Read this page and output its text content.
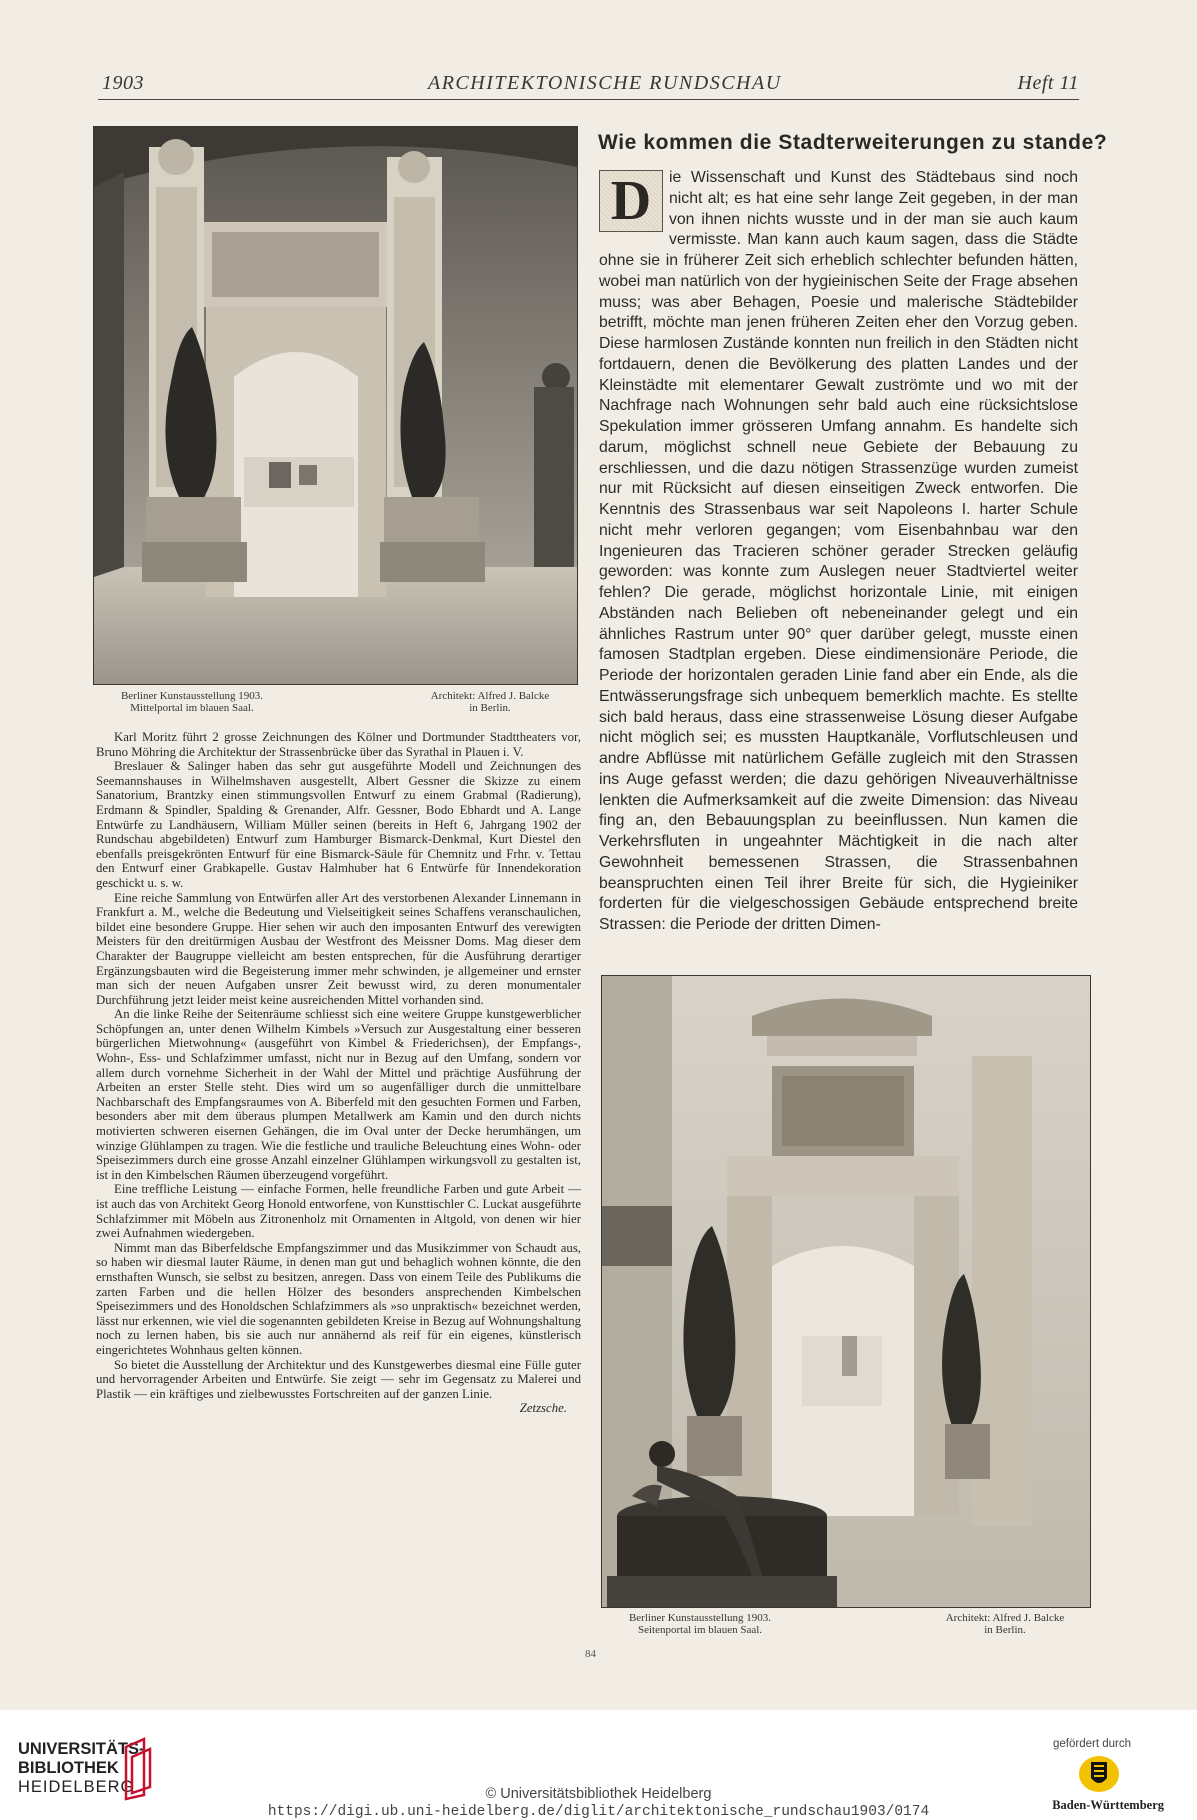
1903	ARCHITEKTONISCHE RUNDSCHAU	Heft 11
Berliner Kunstausstellung 1903.
Mittelportal im blauen Saal.
Architekt: Alfred J. Balcke
in Berlin.

Karl Moritz führt 2 grosse Zeichnungen des Kölner und Dortmunder Stadttheaters vor, Bruno Möhring die Architektur der Strassenbrücke über das Syrathal in Plauen i. V.

Breslauer & Salinger haben das sehr gut ausgeführte Modell und Zeichnungen des Seemannshauses in Wilhelmshaven ausgestellt, Albert Gessner die Skizze zu einem Sanatorium, Brantzky einen stimmungsvollen Entwurf zu einem Grabmal (Radierung), Erdmann & Spindler, Spalding & Grenander, Alfr. Gessner, Bodo Ebhardt und A. Lange Entwürfe zu Landhäusern, William Müller seinen (bereits in Heft 6, Jahrgang 1902 der Rundschau abgebildeten) Entwurf zum Hamburger Bismarck-Denkmal, Kurt Diestel den ebenfalls preisgekrönten Entwurf für eine Bismarck-Säule für Chemnitz und Frhr. v. Tettau den Entwurf einer Grabkapelle. Gustav Halmhuber hat 6 Entwürfe für Innendekoration geschickt u. s. w.

Eine reiche Sammlung von Entwürfen aller Art des verstorbenen Alexander Linnemann in Frankfurt a. M., welche die Bedeutung und Vielseitigkeit seines Schaffens veranschaulichen, bildet eine besondere Gruppe. Hier sehen wir auch den imposanten Entwurf des verewigten Meisters für den dreitürmigen Ausbau der Westfront des Meissner Doms. Mag dieser dem Charakter der Baugruppe vielleicht am besten entsprechen, für die Ausführung derartiger Ergänzungsbauten wird die Begeisterung immer mehr schwinden, je allgemeiner und ernster man sich der neuen Aufgaben unsrer Zeit bewusst wird, zu deren monumentaler Durchführung jetzt leider meist keine ausreichenden Mittel vorhanden sind.

An die linke Reihe der Seitenräume schliesst sich eine weitere Gruppe kunstgewerblicher Schöpfungen an, unter denen Wilhelm Kimbels »Versuch zur Ausgestaltung einer besseren bürgerlichen Mietwohnung« (ausgeführt von Kimbel & Friederichsen), der Empfangs-, Wohn-, Ess- und Schlafzimmer umfasst, nicht nur in Bezug auf den Umfang, sondern vor allem durch vornehme Sicherheit in der Wahl der Mittel und prächtige Ausführung der Arbeiten an erster Stelle steht. Dies wird um so augenfälliger durch die unmittelbare Nachbarschaft des Empfangsraumes von A. Biberfeld mit den gesuchten Formen und Farben, besonders aber mit dem überaus plumpen Metallwerk am Kamin und den durch nichts motivierten schweren eisernen Gehängen, die im Oval unter der Decke herumhängen, um winzige Glühlampen zu tragen. Wie die festliche und trauliche Beleuchtung eines Wohn- oder Speisezimmers durch eine grosse Anzahl einzelner Glühlampen wirkungsvoll zu gestalten ist, ist in den Kimbelschen Räumen überzeugend vorgeführt.

Eine treffliche Leistung — einfache Formen, helle freundliche Farben und gute Arbeit — ist auch das von Architekt Georg Honold entworfene, von Kunsttischler C. Luckat ausgeführte Schlafzimmer mit Möbeln aus Zitronenholz mit Ornamenten in Altgold, von denen wir hier zwei Aufnahmen wiedergeben.

Nimmt man das Biberfeldsche Empfangszimmer und das Musikzimmer von Schaudt aus, so haben wir diesmal lauter Räume, in denen man gut und behaglich wohnen könnte, die den ernsthaften Wunsch, sie selbst zu besitzen, anregen. Dass von einem Teile des Publikums die zarten Farben und die hellen Hölzer des besonders ansprechenden Kimbelschen Speisezimmers und des Honoldschen Schlafzimmers als »so unpraktisch« bezeichnet werden, lässt nur erkennen, wie viel die sogenannten gebildeten Kreise in Bezug auf Wohnungshaltung noch zu lernen haben, bis sie auch nur annähernd als reif für ein eigenes, künstlerisch eingerichtetes Wohnhaus gelten können.

So bietet die Ausstellung der Architektur und des Kunstgewerbes diesmal eine Fülle guter und hervorragender Arbeiten und Entwürfe. Sie zeigt — sehr im Gegensatz zu Malerei und Plastik — ein kräftiges und zielbewusstes Fortschreiten auf der ganzen Linie.

Zetzsche.

Wie kommen die Stadterweiterungen zu stande?
D	ie Wissenschaft und Kunst des Städtebaus sind noch nicht alt; es hat eine sehr lange Zeit gegeben, in der man von ihnen nichts wusste und in der man sie auch kaum vermisste. Man kann auch kaum sagen, dass die Städte ohne sie in früherer Zeit sich erheblich schlechter befunden hätten, wobei man natürlich von der hygieinischen Seite der Frage absehen muss; was aber Behagen, Poesie und malerische Städtebilder betrifft, möchte man jenen früheren Zeiten eher den Vorzug geben. Diese harmlosen Zustände konnten nun freilich in den Städten nicht fortdauern, denen die Bevölkerung des platten Landes und der Kleinstädte mit elementarer Gewalt zuströmte und wo mit der Nachfrage nach Wohnungen sehr bald auch eine rücksichtslose Spekulation immer grösseren Umfang annahm. Es handelte sich darum, möglichst schnell neue Gebiete der Bebauung zu erschliessen, und die dazu nötigen Strassenzüge wurden zumeist nur mit Rücksicht auf diesen einseitigen Zweck entworfen. Die Kenntnis des Strassenbaus war seit Napoleons I. harter Schule nicht mehr verloren gegangen; vom Eisenbahnbau war den Ingenieuren das Tracieren schöner gerader Strecken geläufig geworden: was konnte zum Auslegen neuer Stadtviertel weiter fehlen? Die gerade, möglichst horizontale Linie, mit einigen Abständen nach Belieben oft nebeneinander gelegt und ein ähnliches Rastrum unter 90° quer darüber gelegt, musste einen famosen Stadtplan ergeben. Diese eindimensionäre Periode, die Periode der horizontalen geraden Linie fand aber ein Ende, als die Entwässerungsfrage sich unbequem bemerklich machte. Es stellte sich bald heraus, dass eine strassenweise Lösung dieser Aufgabe nicht möglich sei; es mussten Hauptkanäle, Vorflutschleusen und andre Abflüsse mit natürlichem Gefälle zugleich mit den Strassen ins Auge gefasst werden; die dazu gehörigen Niveauverhältnisse lenkten die Aufmerksamkeit auf die zweite Dimension: das Niveau fing an, den Bebauungsplan zu beeinflussen. Nun kamen die Verkehrsfluten in ungeahnter Mächtigkeit in die nach alter Gewohnheit bemessenen Strassen, die Strassenbahnen beanspruchten einen Teil ihrer Breite für sich, die Hygieiniker forderten für die vielgeschossigen Gebäude entsprechend breite Strassen: die Periode der dritten Dimen-

Berliner Kunstausstellung 1903.
Seitenportal im blauen Saal.
Architekt: Alfred J. Balcke
in Berlin.
84
UNIVERSITÄTS-
BIBLIOTHEK
HEIDELBERG	© Universitätsbibliothek Heidelberg
https://digi.ub.uni-heidelberg.de/diglit/architektonische_rundschau1903/0174
gefördert durch
Baden-Württemberg
